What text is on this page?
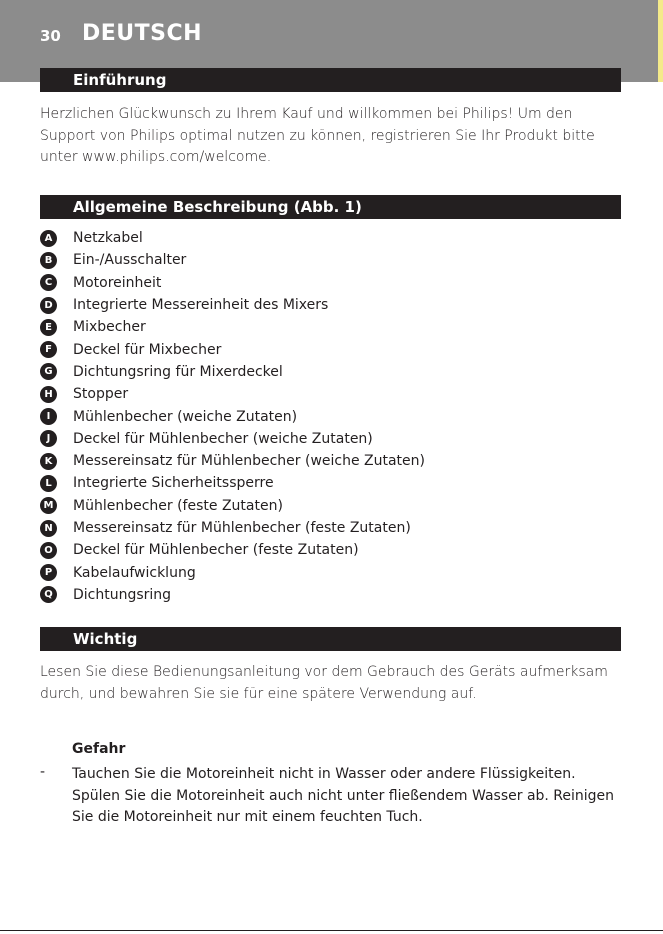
30 DEUTSCH
Einführung
Herzlichen Glückwunsch zu Ihrem Kauf und willkommen bei Philips! Um den Support von Philips optimal nutzen zu können, registrieren Sie Ihr Produkt bitte unter www.philips.com/welcome.
Allgemeine Beschreibung (Abb. 1)
A	Netzkabel
B	Ein-/Ausschalter
C	Motoreinheit
D	Integrierte Messereinheit des Mixers
E	Mixbecher
F	Deckel für Mixbecher
G	Dichtungsring für Mixerdeckel
H	Stopper
I	Mühlenbecher (weiche Zutaten)
J	Deckel für Mühlenbecher (weiche Zutaten)
K	Messereinsatz für Mühlenbecher (weiche Zutaten)
L	Integrierte Sicherheitssperre
M Mühlenbecher (feste Zutaten)
N	Messereinsatz für Mühlenbecher (feste Zutaten)
O	Deckel für Mühlenbecher (feste Zutaten)
P	Kabelaufwicklung
Q	Dichtungsring
Wichtig
Lesen Sie diese Bedienungsanleitung vor dem Gebrauch des Geräts aufmerksam durch, und bewahren Sie sie für eine spätere Verwendung auf.
Gefahr
- Tauchen Sie die Motoreinheit nicht in Wasser oder andere Flüssigkeiten. Spülen Sie die Motoreinheit auch nicht unter fließendem Wasser ab. Reinigen Sie die Motoreinheit nur mit einem feuchten Tuch.
